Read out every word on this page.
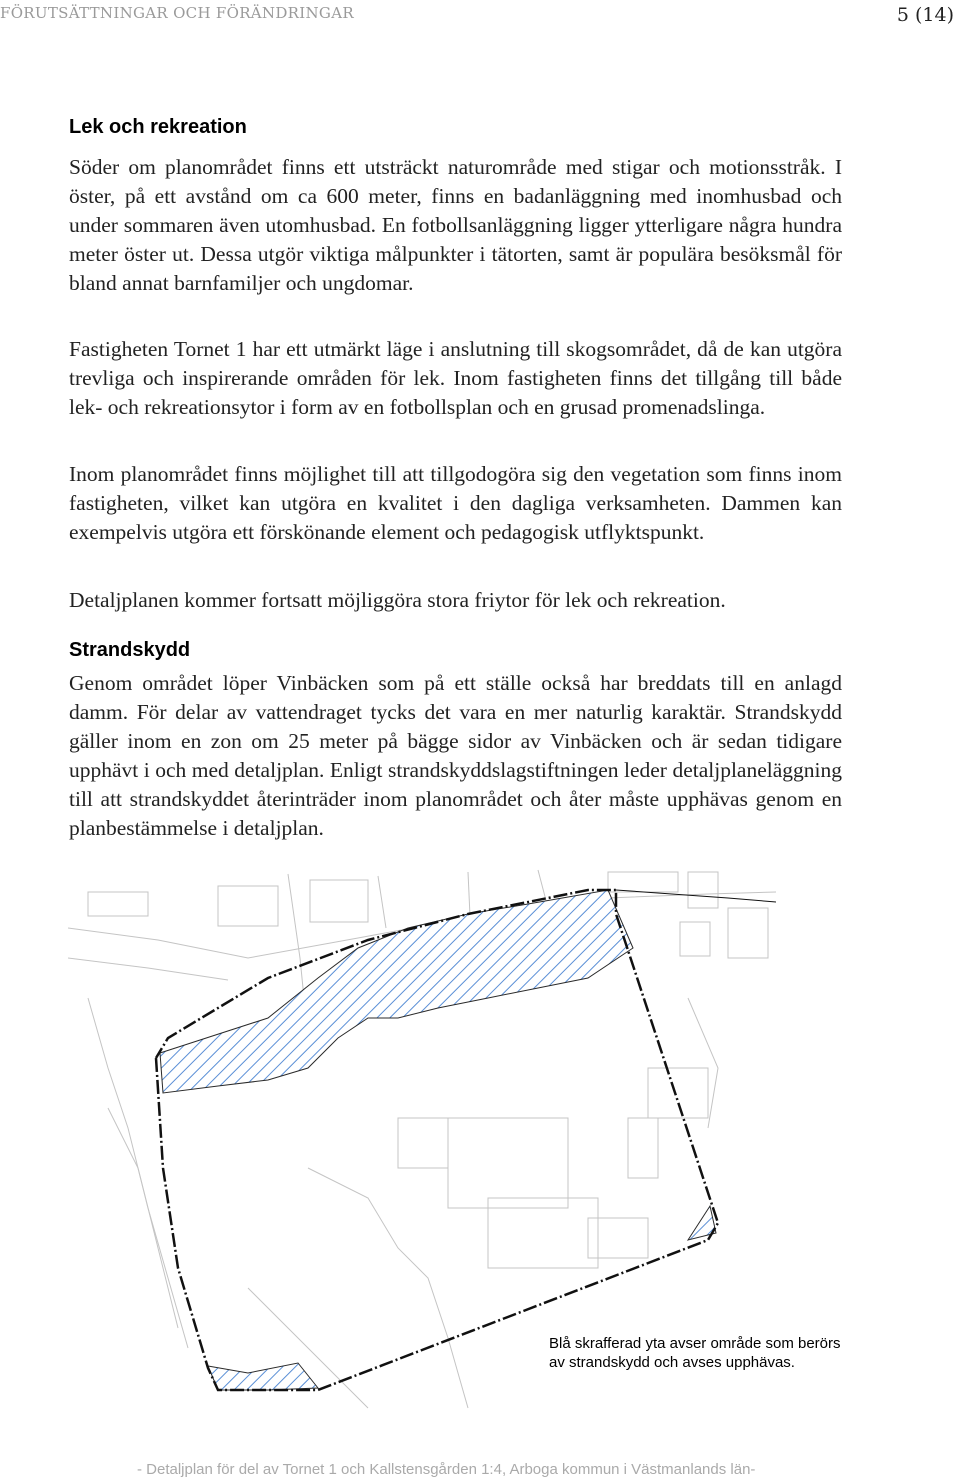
FÖRUTSÄTTNINGAR OCH FÖRÄNDRINGAR	5 (14)
Lek och rekreation

Söder om planområdet finns ett utsträckt naturområde med stigar och motionsstråk. I öster, på ett avstånd om ca 600 meter, finns en badanläggning med inomhusbad och under sommaren även utomhusbad. En fotbollsanläggning ligger ytterligare några hundra meter öster ut. Dessa utgör viktiga målpunkter i tätorten, samt är populära besöksmål för bland annat barnfamiljer och ungdomar.

Fastigheten Tornet 1 har ett utmärkt läge i anslutning till skogsområdet, då de kan utgöra trevliga och inspirerande områden för lek. Inom fastigheten finns det tillgång till både lek- och rekreationsytor i form av en fotbollsplan och en grusad promenadslinga.

Inom planområdet finns möjlighet till att tillgodogöra sig den vegetation som finns inom fastigheten, vilket kan utgöra en kvalitet i den dagliga verksamheten. Dammen kan exempelvis utgöra ett förskönande element och pedagogisk utflyktspunkt.

Detaljplanen kommer fortsatt möjliggöra stora friytor för lek och rekreation.

Strandskydd

Genom området löper Vinbäcken som på ett ställe också har breddats till en anlagd damm. För delar av vattendraget tycks det vara en mer naturlig karaktär. Strandskydd gäller inom en zon om 25 meter på bägge sidor av Vinbäcken och är sedan tidigare upphävt i och med detaljplan. Enligt strandskyddslagstiftningen leder detaljplaneläggning till att strandskyddet återinträder inom planområdet och åter måste upphävas genom en planbestämmelse i detaljplan.

Blå skrafferad yta avser område som berörs av strandskydd och avses upphävas.
- Detaljplan för del av Tornet 1 och Kallstensgården 1:4, Arboga kommun i Västmanlands län-
